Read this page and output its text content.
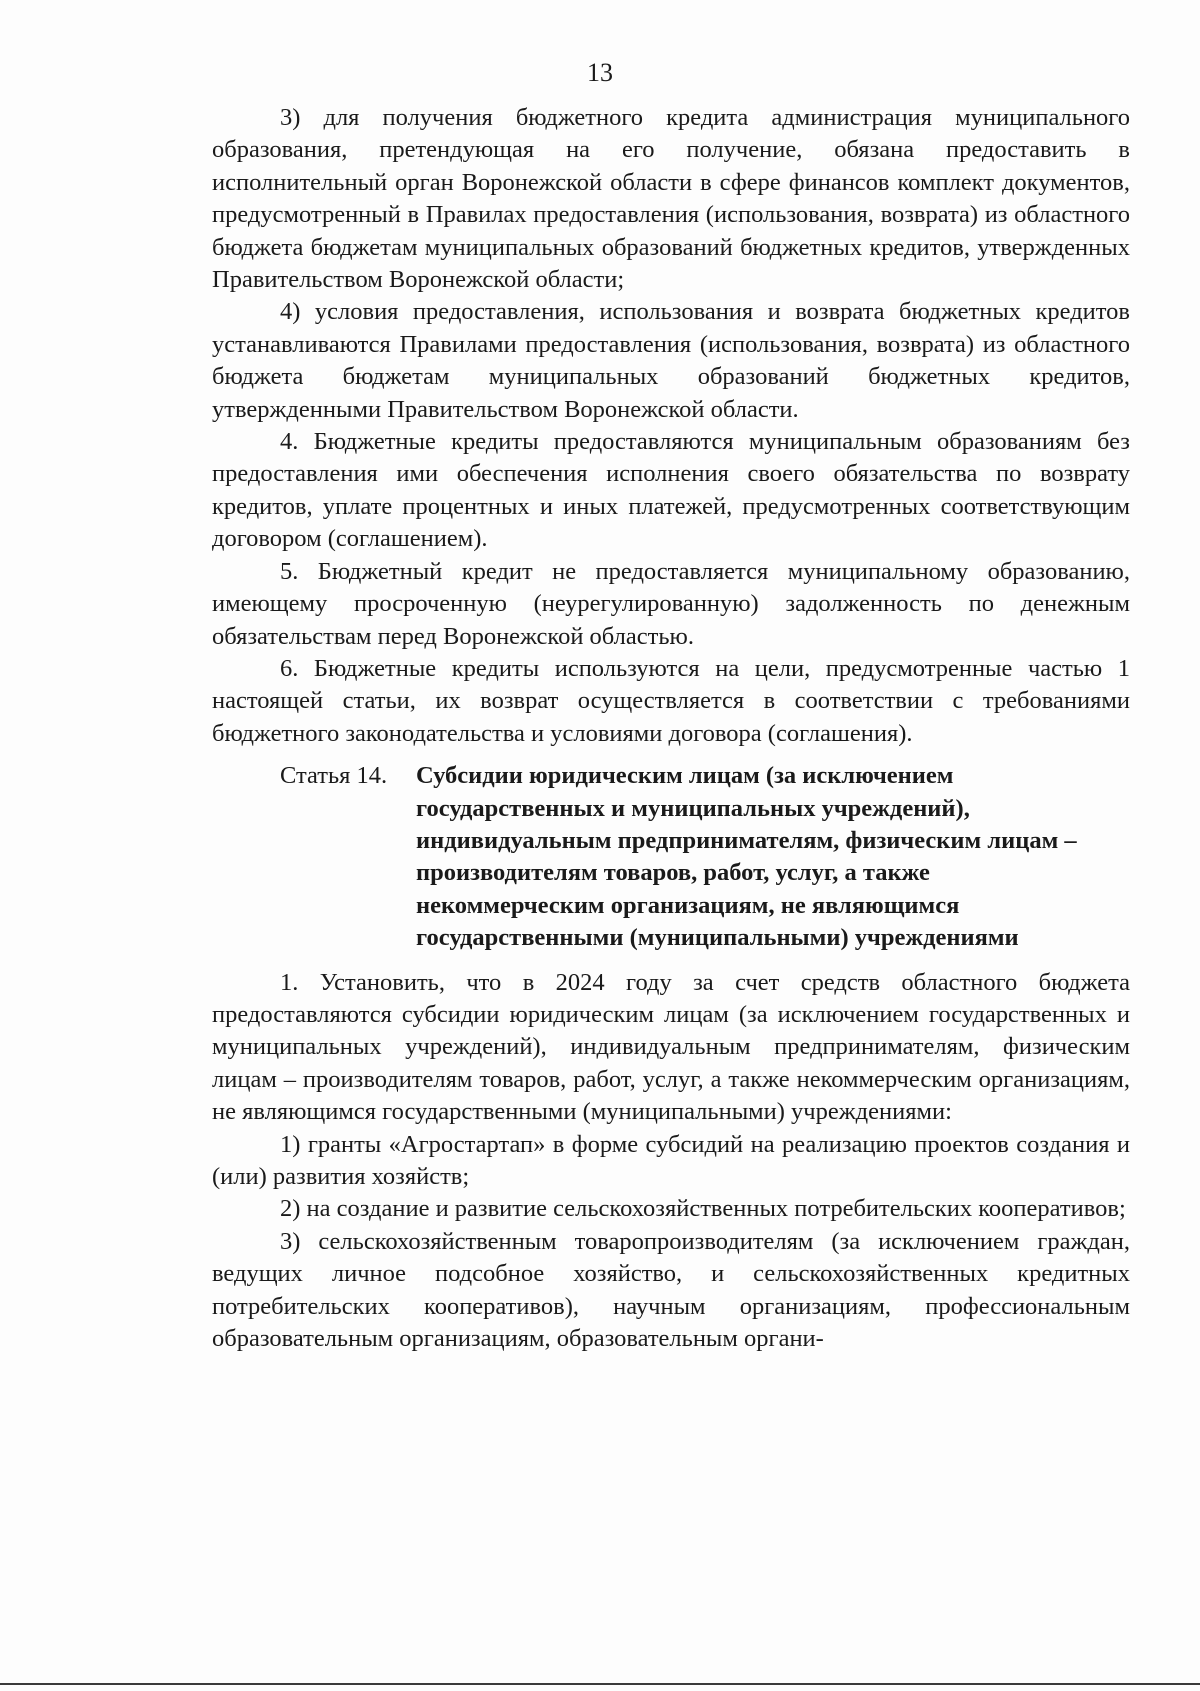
13

3) для получения бюджетного кредита администрация муниципального образования, претендующая на его получение, обязана предоставить в исполнительный орган Воронежской области в сфере финансов комплект документов, предусмотренный в Правилах предоставления (использования, возврата) из областного бюджета бюджетам муниципальных образований бюджетных кредитов, утвержденных Правительством Воронежской области;

4) условия предоставления, использования и возврата бюджетных кредитов устанавливаются Правилами предоставления (использования, возврата) из областного бюджета бюджетам муниципальных образований бюджетных кредитов, утвержденными Правительством Воронежской области.

4. Бюджетные кредиты предоставляются муниципальным образованиям без предоставления ими обеспечения исполнения своего обязательства по возврату кредитов, уплате процентных и иных платежей, предусмотренных соответствующим договором (соглашением).

5. Бюджетный кредит не предоставляется муниципальному образованию, имеющему просроченную (неурегулированную) задолженность по денежным обязательствам перед Воронежской областью.

6. Бюджетные кредиты используются на цели, предусмотренные частью 1 настоящей статьи, их возврат осуществляется в соответствии с требованиями бюджетного законодательства и условиями договора (соглашения).

Статья 14. Субсидии юридическим лицам (за исключением государственных и муниципальных учреждений), индивидуальным предпринимателям, физическим лицам – производителям товаров, работ, услуг, а также некоммерческим организациям, не являющимся государственными (муниципальными) учреждениями

1. Установить, что в 2024 году за счет средств областного бюджета предоставляются субсидии юридическим лицам (за исключением государственных и муниципальных учреждений), индивидуальным предпринимателям, физическим лицам – производителям товаров, работ, услуг, а также некоммерческим организациям, не являющимся государственными (муниципальными) учреждениями:

1) гранты «Агростартап» в форме субсидий на реализацию проектов создания и (или) развития хозяйств;

2) на создание и развитие сельскохозяйственных потребительских кооперативов;

3) сельскохозяйственным товаропроизводителям (за исключением граждан, ведущих личное подсобное хозяйство, и сельскохозяйственных кредитных потребительских кооперативов), научным организациям, профессиональным образовательным организациям, образовательным органи-
